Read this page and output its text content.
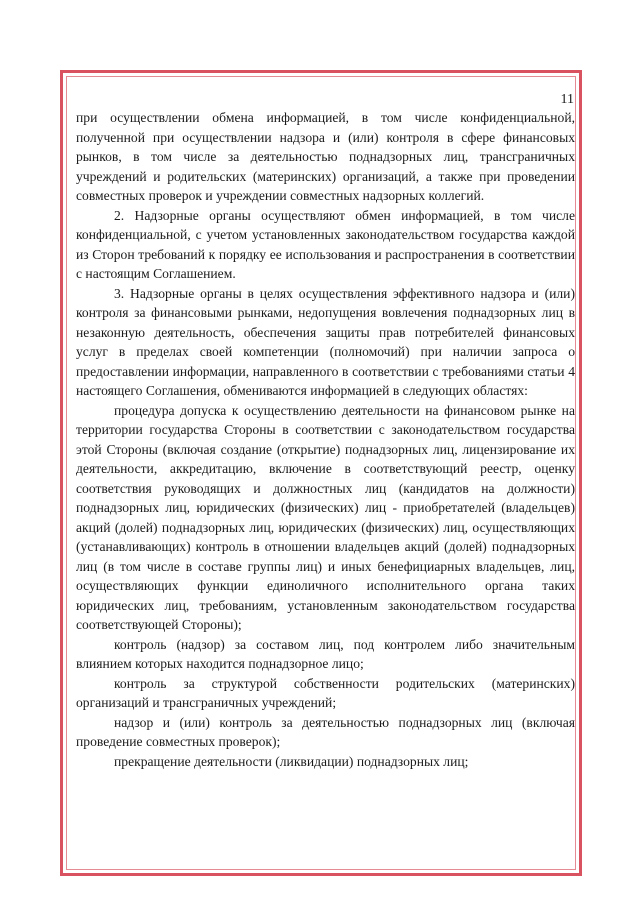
11

при осуществлении обмена информацией, в том числе конфиденциальной, полученной при осуществлении надзора и (или) контроля в сфере финансовых рынков, в том числе за деятельностью поднадзорных лиц, трансграничных учреждений и родительских (материнских) организаций, а также при проведении совместных проверок и учреждении совместных надзорных коллегий.

2. Надзорные органы осуществляют обмен информацией, в том числе конфиденциальной, с учетом установленных законодательством государства каждой из Сторон требований к порядку ее использования и распространения в соответствии с настоящим Соглашением.

3. Надзорные органы в целях осуществления эффективного надзора и (или) контроля за финансовыми рынками, недопущения вовлечения поднадзорных лиц в незаконную деятельность, обеспечения защиты прав потребителей финансовых услуг в пределах своей компетенции (полномочий) при наличии запроса о предоставлении информации, направленного в соответствии с требованиями статьи 4 настоящего Соглашения, обмениваются информацией в следующих областях:

процедура допуска к осуществлению деятельности на финансовом рынке на территории государства Стороны в соответствии с законодательством государства этой Стороны (включая создание (открытие) поднадзорных лиц, лицензирование их деятельности, аккредитацию, включение в соответствующий реестр, оценку соответствия руководящих и должностных лиц (кандидатов на должности) поднадзорных лиц, юридических (физических) лиц - приобретателей (владельцев) акций (долей) поднадзорных лиц, юридических (физических) лиц, осуществляющих (устанавливающих) контроль в отношении владельцев акций (долей) поднадзорных лиц (в том числе в составе группы лиц) и иных бенефициарных владельцев, лиц, осуществляющих функции единоличного исполнительного органа таких юридических лиц, требованиям, установленным законодательством государства соответствующей Стороны);

контроль (надзор) за составом лиц, под контролем либо значительным влиянием которых находится поднадзорное лицо;

контроль за структурой собственности родительских (материнских) организаций и трансграничных учреждений;

надзор и (или) контроль за деятельностью поднадзорных лиц (включая проведение совместных проверок);

прекращение деятельности (ликвидации) поднадзорных лиц;
